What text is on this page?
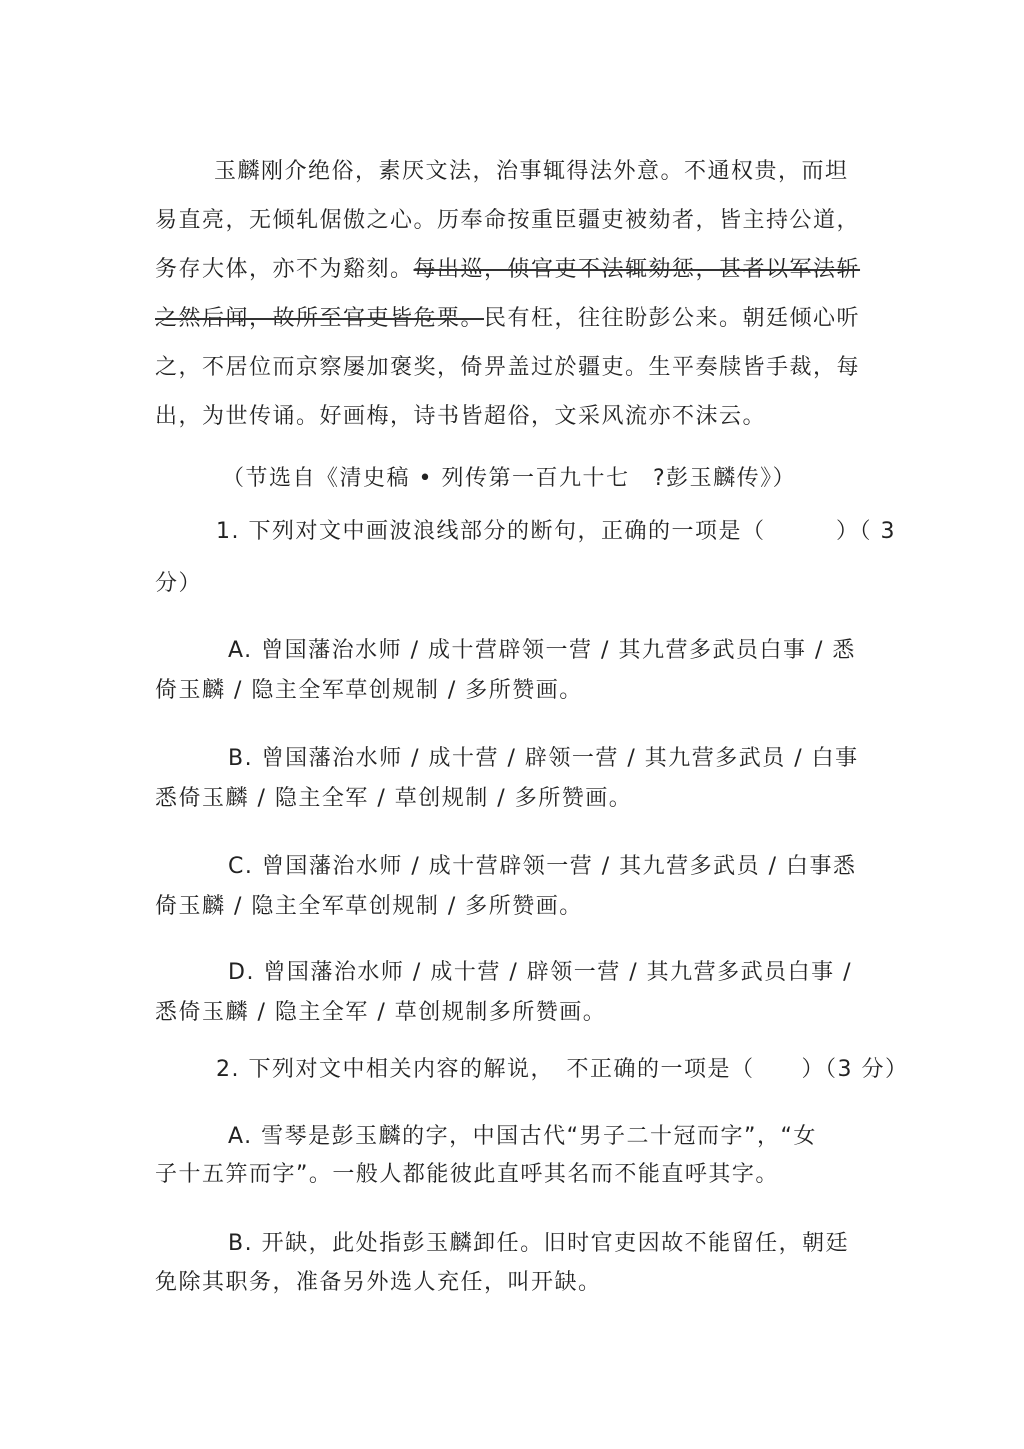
玉麟刚介绝俗，素厌文法，治事辄得法外意。不通权贵，而坦
易直亮，无倾轧倨傲之心。历奉命按重臣疆吏被劾者，皆主持公道，
务存大体，亦不为谿刻。每出巡，侦官吏不法辄劾惩，甚者以军法斩
之然后闻，故所至官吏皆危栗。民有枉，往往盼彭公来。朝廷倾心听
之，不居位而京察屡加褒奖，倚畀盖过於疆吏。生平奏牍皆手裁，每
出，为世传诵。好画梅，诗书皆超俗，文采风流亦不沫云。
（节选自《清史稿 • 列传第一百九十七　?彭玉麟传》）
1. 下列对文中画波浪线部分的断句，正确的一项是（　　　）（ 3
分）
A. 曾国藩治水师 / 成十营辟领一营 / 其九营多武员白事 / 悉
倚玉麟 / 隐主全军草创规制 / 多所赞画。
B. 曾国藩治水师 / 成十营 / 辟领一营 / 其九营多武员 / 白事
悉倚玉麟 / 隐主全军 / 草创规制 / 多所赞画。
C. 曾国藩治水师 / 成十营辟领一营 / 其九营多武员 / 白事悉
倚玉麟 / 隐主全军草创规制 / 多所赞画。
D. 曾国藩治水师 / 成十营 / 辟领一营 / 其九营多武员白事 /
悉倚玉麟 / 隐主全军 / 草创规制多所赞画。
2. 下列对文中相关内容的解说，　不正确的一项是（　　）（3 分）
A. 雪琴是彭玉麟的字，中国古代“男子二十冠而字”，“女
子十五笄而字”。一般人都能彼此直呼其名而不能直呼其字。
B. 开缺，此处指彭玉麟卸任。旧时官吏因故不能留任，朝廷
免除其职务，准备另外选人充任，叫开缺。
